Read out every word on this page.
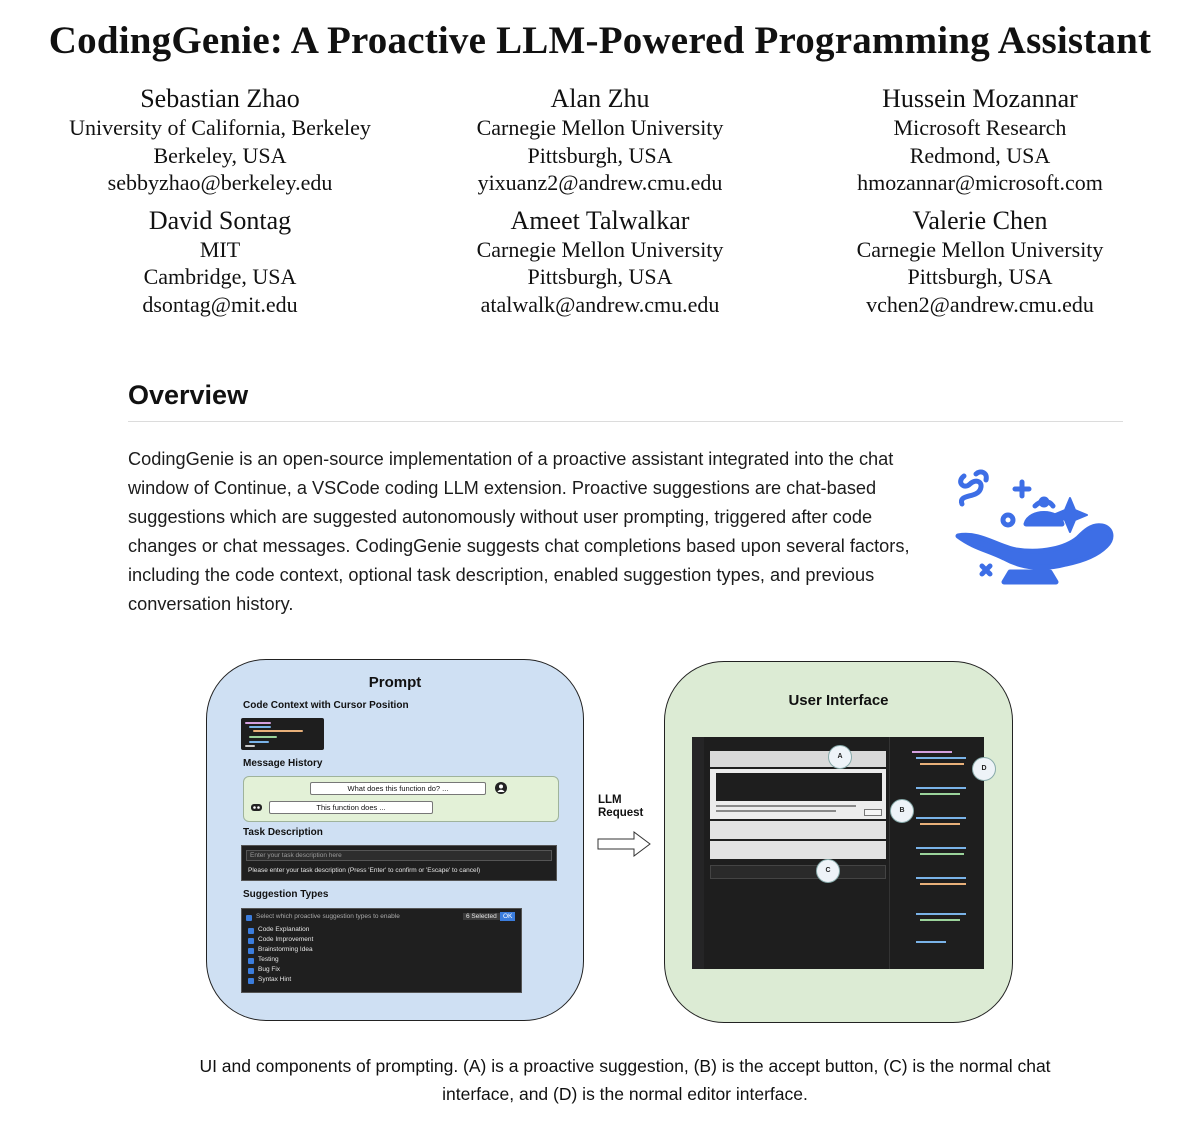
CodingGenie: A Proactive LLM-Powered Programming Assistant
Sebastian Zhao
University of California, Berkeley
Berkeley, USA
sebbyzhao@berkeley.edu
Alan Zhu
Carnegie Mellon University
Pittsburgh, USA
yixuanz2@andrew.cmu.edu
Hussein Mozannar
Microsoft Research
Redmond, USA
hmozannar@microsoft.com
David Sontag
MIT
Cambridge, USA
dsontag@mit.edu
Ameet Talwalkar
Carnegie Mellon University
Pittsburgh, USA
atalwalk@andrew.cmu.edu
Valerie Chen
Carnegie Mellon University
Pittsburgh, USA
vchen2@andrew.cmu.edu
Overview
CodingGenie is an open-source implementation of a proactive assistant integrated into the chat window of Continue, a VSCode coding LLM extension. Proactive suggestions are chat-based suggestions which are suggested autonomously without user prompting, triggered after code changes or chat messages. CodingGenie suggests chat completions based upon several factors, including the code context, optional task description, enabled suggestion types, and previous conversation history.
Prompt
Code Context with Cursor Position
Message History
What does this function do? ...
This function does ...
Task Description
Enter your task description here
Please enter your task description (Press 'Enter' to confirm or 'Escape' to cancel)
Suggestion Types
Select which proactive suggestion types to enable	6 Selected OK
Code Explanation
Code Improvement
Brainstorming Idea
Testing
Bug Fix
Syntax Hint
LLM
Request
User Interface
A
B
C
D
UI and components of prompting. (A) is a proactive suggestion, (B) is the accept button, (C) is the normal chat
interface, and (D) is the normal editor interface.
